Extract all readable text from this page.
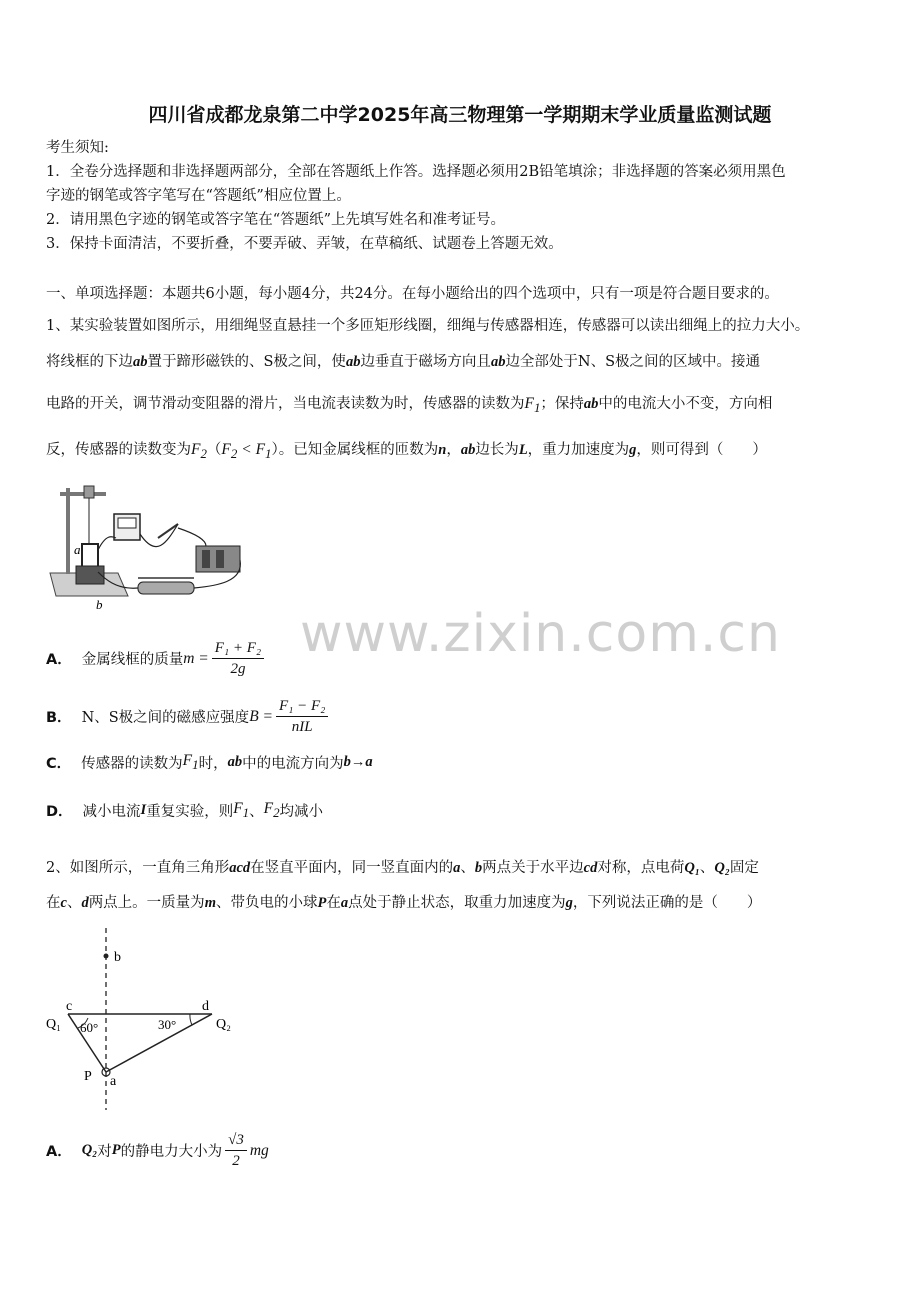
四川省成都龙泉第二中学2025年高三物理第一学期期末学业质量监测试题
考生须知:
1．全卷分选择题和非选择题两部分，全部在答题纸上作答。选择题必须用2B铅笔填涂；非选择题的答案必须用黑色
字迹的钢笔或答字笔写在“答题纸”相应位置上。
2．请用黑色字迹的钢笔或答字笔在“答题纸”上先填写姓名和准考证号。
3．保持卡面清洁，不要折叠，不要弄破、弄皱，在草稿纸、试题卷上答题无效。
一、单项选择题：本题共6小题，每小题4分，共24分。在每小题给出的四个选项中，只有一项是符合题目要求的。
1、某实验装置如图所示，用细绳竖直悬挂一个多匝矩形线圈，细绳与传感器相连，传感器可以读出细绳上的拉力大小。
将线框的下边ab置于蹄形磁铁的、S极之间，使ab边垂直于磁场方向且ab边全部处于N、S极之间的区域中。接通
电路的开关，调节滑动变阻器的滑片，当电流表读数为时，传感器的读数为$F_1$；保持ab中的电流大小不变，方向相
反，传感器的读数变为$F_2(F_2 < F_1)$。已知金属线框的匝数为n，ab边长为L，重力加速度为g，则可得到（　　）
a
b
A． 金属线框的质量 $m = \frac{\text{F₁ + F₂}}{2g}$
B． N、S极之间的磁感应强度 $B = \frac{\text{F₁ − F₂}}{\text{nIL}}$
C． 传感器的读数为 $F_1$ 时， ab 中的电流方向为 b→a
D． 减小电流 I 重复实验，则 $F_1$ 、 $F_2$ 均减小
2、如图所示，一直角三角形acd在竖直平面内，同一竖直面内的a、b两点关于水平边cd对称，点电荷Q₁、Q₂固定
在c、d两点上。一质量为m、带负电的小球P在a点处于静止状态，取重力加速度为g，下列说法正确的是（　　）
b
c	d
Q₁	Q₂
60°	30°
P a
A． Q₂ 对 P 的静电力大小为 $\frac{√3}{2}$ mg
www.zixin.com.cn
